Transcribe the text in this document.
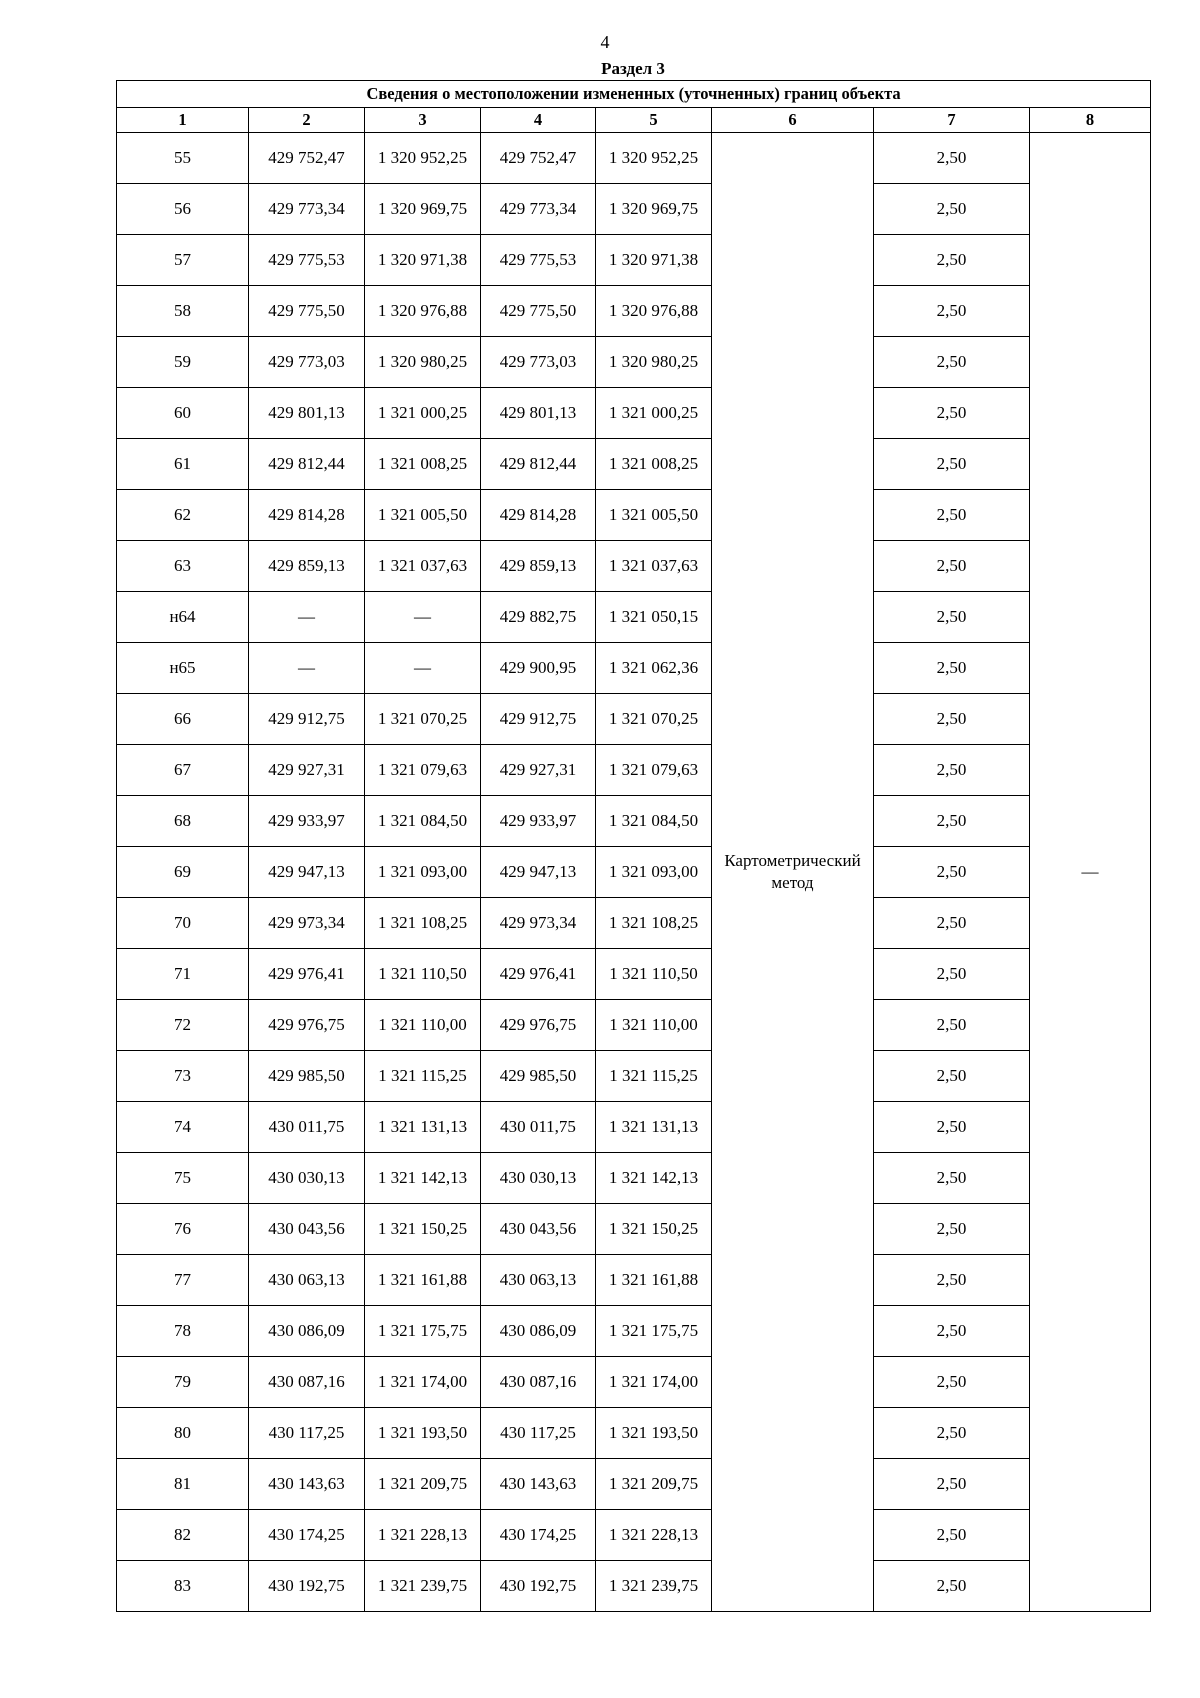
4
Раздел 3
Сведения о местоположении измененных (уточненных) границ объекта							
1	2	3	4	5	6	7	8
55	429 752,47	1 320 952,25	429 752,47	1 320 952,25	Картометрический метод	2,50	—
56	429 773,34	1 320 969,75	429 773,34	1 320 969,75		2,50	
57	429 775,53	1 320 971,38	429 775,53	1 320 971,38		2,50	
58	429 775,50	1 320 976,88	429 775,50	1 320 976,88		2,50	
59	429 773,03	1 320 980,25	429 773,03	1 320 980,25		2,50	
60	429 801,13	1 321 000,25	429 801,13	1 321 000,25		2,50	
61	429 812,44	1 321 008,25	429 812,44	1 321 008,25		2,50	
62	429 814,28	1 321 005,50	429 814,28	1 321 005,50		2,50	
63	429 859,13	1 321 037,63	429 859,13	1 321 037,63		2,50	
н64	—	—	429 882,75	1 321 050,15		2,50	
н65	—	—	429 900,95	1 321 062,36		2,50	
66	429 912,75	1 321 070,25	429 912,75	1 321 070,25		2,50	
67	429 927,31	1 321 079,63	429 927,31	1 321 079,63		2,50	
68	429 933,97	1 321 084,50	429 933,97	1 321 084,50		2,50	
69	429 947,13	1 321 093,00	429 947,13	1 321 093,00		2,50	
70	429 973,34	1 321 108,25	429 973,34	1 321 108,25		2,50	
71	429 976,41	1 321 110,50	429 976,41	1 321 110,50		2,50	
72	429 976,75	1 321 110,00	429 976,75	1 321 110,00		2,50	
73	429 985,50	1 321 115,25	429 985,50	1 321 115,25		2,50	
74	430 011,75	1 321 131,13	430 011,75	1 321 131,13		2,50	
75	430 030,13	1 321 142,13	430 030,13	1 321 142,13		2,50	
76	430 043,56	1 321 150,25	430 043,56	1 321 150,25		2,50	
77	430 063,13	1 321 161,88	430 063,13	1 321 161,88		2,50	
78	430 086,09	1 321 175,75	430 086,09	1 321 175,75		2,50	
79	430 087,16	1 321 174,00	430 087,16	1 321 174,00		2,50	
80	430 117,25	1 321 193,50	430 117,25	1 321 193,50		2,50	
81	430 143,63	1 321 209,75	430 143,63	1 321 209,75		2,50	
82	430 174,25	1 321 228,13	430 174,25	1 321 228,13		2,50	
83	430 192,75	1 321 239,75	430 192,75	1 321 239,75		2,50	
